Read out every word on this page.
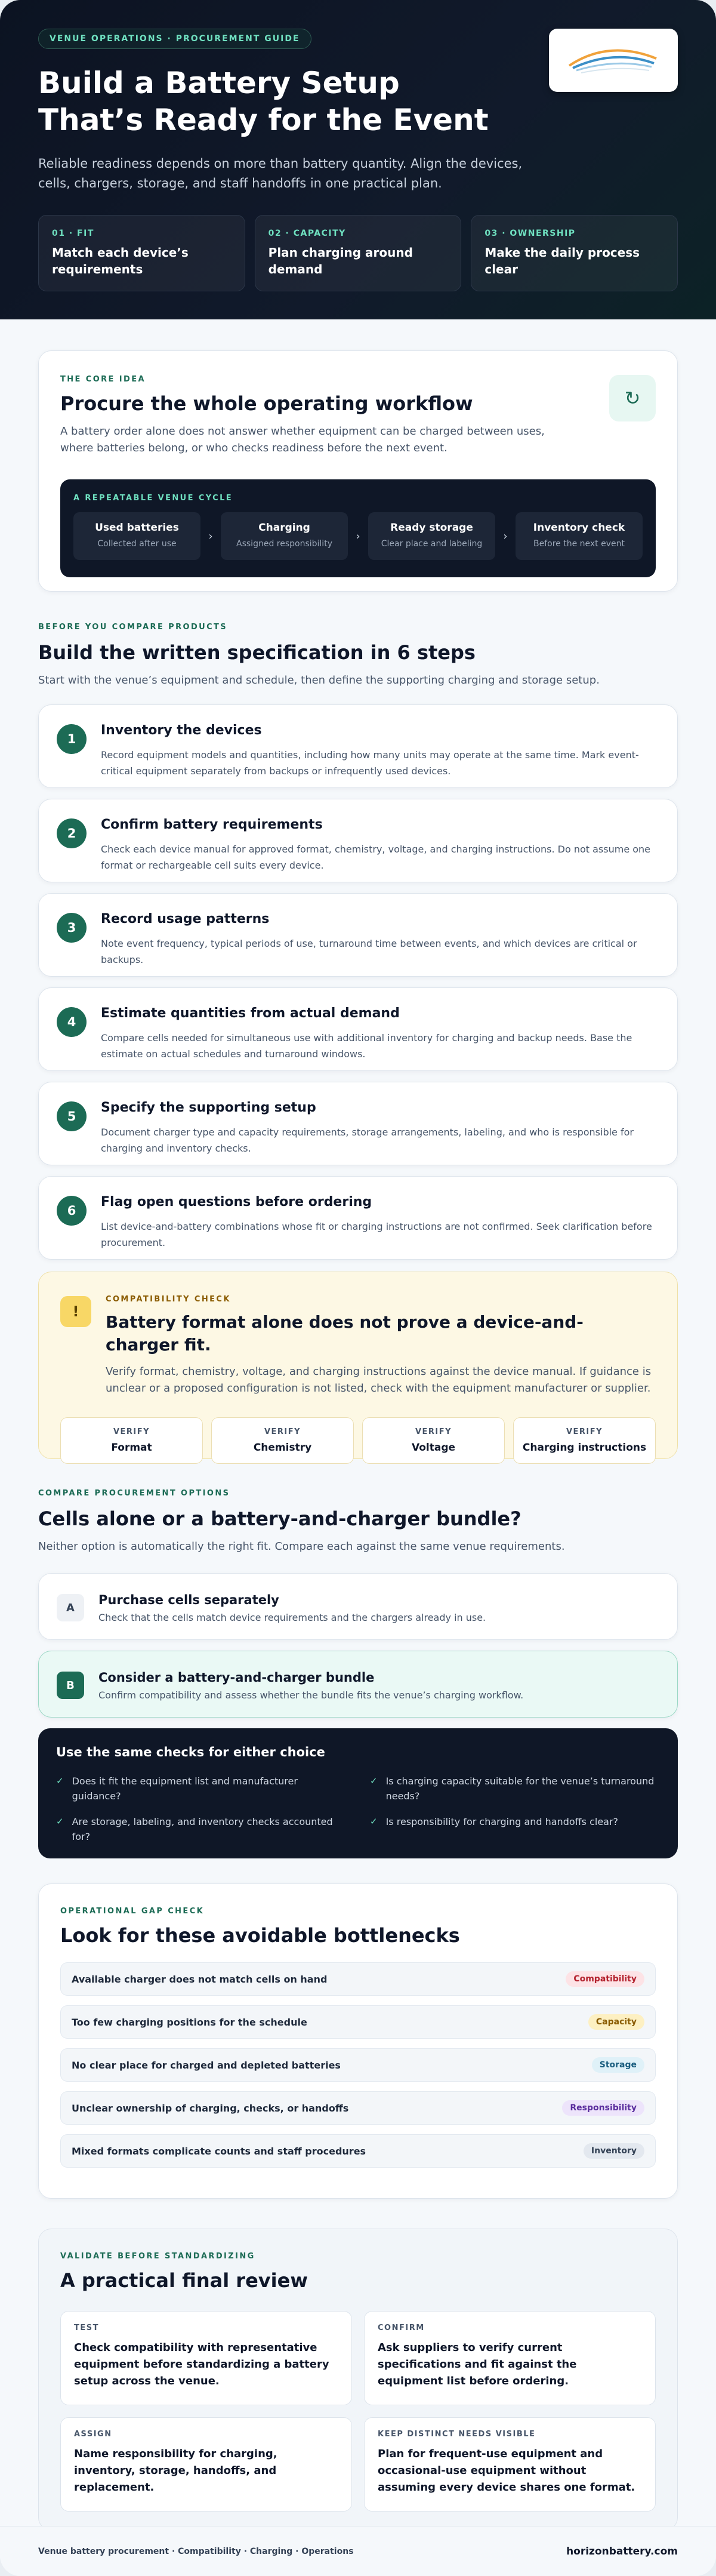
VENUE OPERATIONS · PROCUREMENT GUIDE
Build a Battery Setup That’s Ready for the Event

Reliable readiness depends on more than battery quantity. Align the devices, cells, chargers, storage, and staff handoffs in one practical plan.

01 · FIT
Match each device’s requirements
02 · CAPACITY
Plan charging around demand
03 · OWNERSHIP
Make the daily process clear
THE CORE IDEA
Procure the whole operating workflow

A battery order alone does not answer whether equipment can be charged between uses, where batteries belong, or who checks readiness before the next event.

↻
A REPEATABLE VENUE CYCLE
Used batteries
Collected after use
›
Charging
Assigned responsibility
›
Ready storage
Clear place and labeling
›
Inventory check
Before the next event
BEFORE YOU COMPARE PRODUCTS
Build the written specification in 6 steps

Start with the venue’s equipment and schedule, then define the supporting charging and storage setup.

1
Inventory the devices
Record equipment models and quantities, including how many units may operate at the same time. Mark event-critical equipment separately from backups or infrequently used devices.
2
Confirm battery requirements
Check each device manual for approved format, chemistry, voltage, and charging instructions. Do not assume one format or rechargeable cell suits every device.
3
Record usage patterns
Note event frequency, typical periods of use, turnaround time between events, and which devices are critical or backups.
4
Estimate quantities from actual demand
Compare cells needed for simultaneous use with additional inventory for charging and backup needs. Base the estimate on actual schedules and turnaround windows.
5
Specify the supporting setup
Document charger type and capacity requirements, storage arrangements, labeling, and who is responsible for charging and inventory checks.
6
Flag open questions before ordering
List device-and-battery combinations whose fit or charging instructions are not confirmed. Seek clarification before procurement.
!
COMPATIBILITY CHECK
Battery format alone does not prove a device-and-charger fit.

Verify format, chemistry, voltage, and charging instructions against the device manual. If guidance is unclear or a proposed configuration is not listed, check with the equipment manufacturer or supplier.

VERIFY
Format
VERIFY
Chemistry
VERIFY
Voltage
VERIFY
Charging instructions
COMPARE PROCUREMENT OPTIONS
Cells alone or a battery-and-charger bundle?

Neither option is automatically the right fit. Compare each against the same venue requirements.

A
Purchase cells separately
Check that the cells match device requirements and the chargers already in use.
B
Consider a battery-and-charger bundle
Confirm compatibility and assess whether the bundle fits the venue’s charging workflow.
Use the same checks for either choice
✓ Does it fit the equipment list and manufacturer guidance?
✓ Is charging capacity suitable for the venue’s turnaround needs?
✓ Are storage, labeling, and inventory checks accounted for?
✓ Is responsibility for charging and handoffs clear?
OPERATIONAL GAP CHECK
Look for these avoidable bottlenecks
Available charger does not match cells on hand	Compatibility
Too few charging positions for the schedule	Capacity
No clear place for charged and depleted batteries	Storage
Unclear ownership of charging, checks, or handoffs	Responsibility
Mixed formats complicate counts and staff procedures	Inventory
VALIDATE BEFORE STANDARDIZING
A practical final review
TEST
Check compatibility with representative equipment before standardizing a battery setup across the venue.
CONFIRM
Ask suppliers to verify current specifications and fit against the equipment list before ordering.
ASSIGN
Name responsibility for charging, inventory, storage, handoffs, and replacement.
KEEP DISTINCT NEEDS VISIBLE
Plan for frequent-use equipment and occasional-use equipment without assuming every device shares one format.
Venue battery procurement · Compatibility · Charging · Operations	horizonbattery.com
